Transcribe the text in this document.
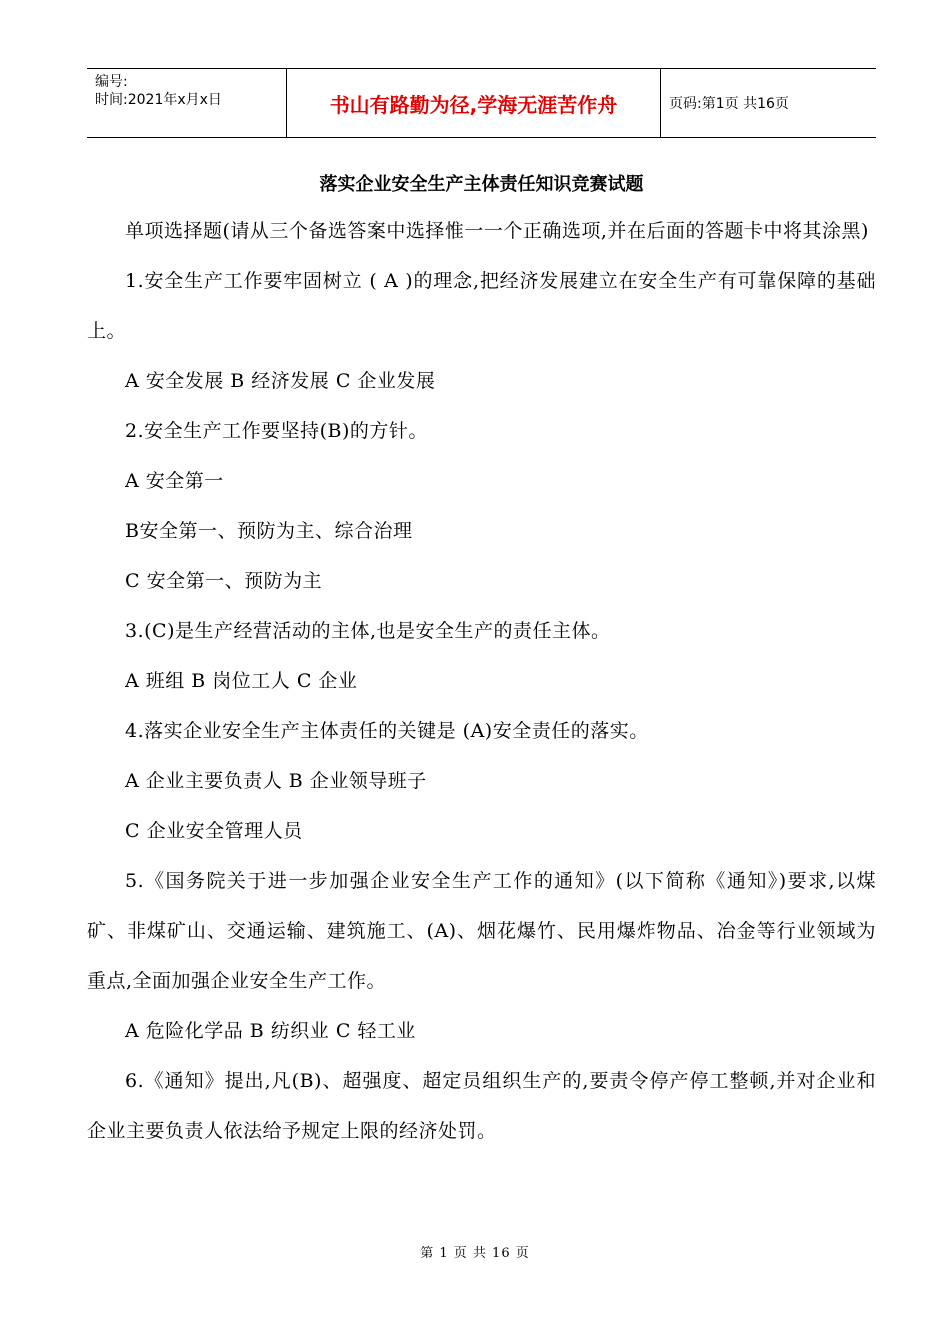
编号:
时间:2021年x月x日	书山有路勤为径,学海无涯苦作舟	页码:第1页 共16页
落实企业安全生产主体责任知识竞赛试题

单项选择题(请从三个备选答案中选择惟一一个正确选项,并在后面的答题卡中将其涂黑)

1.安全生产工作要牢固树立 ( A )的理念,把经济发展建立在安全生产有可靠保障的基础上。

A 安全发展 B 经济发展 C 企业发展

2.安全生产工作要坚持(B)的方针。

A 安全第一

B安全第一、预防为主、综合治理

C 安全第一、预防为主

3.(C)是生产经营活动的主体,也是安全生产的责任主体。

A 班组 B 岗位工人 C 企业

4.落实企业安全生产主体责任的关键是 (A)安全责任的落实。

A 企业主要负责人 B 企业领导班子

C 企业安全管理人员

5.《国务院关于进一步加强企业安全生产工作的通知》(以下简称《通知》)要求,以煤矿、非煤矿山、交通运输、建筑施工、(A)、烟花爆竹、民用爆炸物品、冶金等行业领域为重点,全面加强企业安全生产工作。

A 危险化学品 B 纺织业 C 轻工业

6.《通知》提出,凡(B)、超强度、超定员组织生产的,要责令停产停工整顿,并对企业和企业主要负责人依法给予规定上限的经济处罚。

第 1 页 共 16 页
